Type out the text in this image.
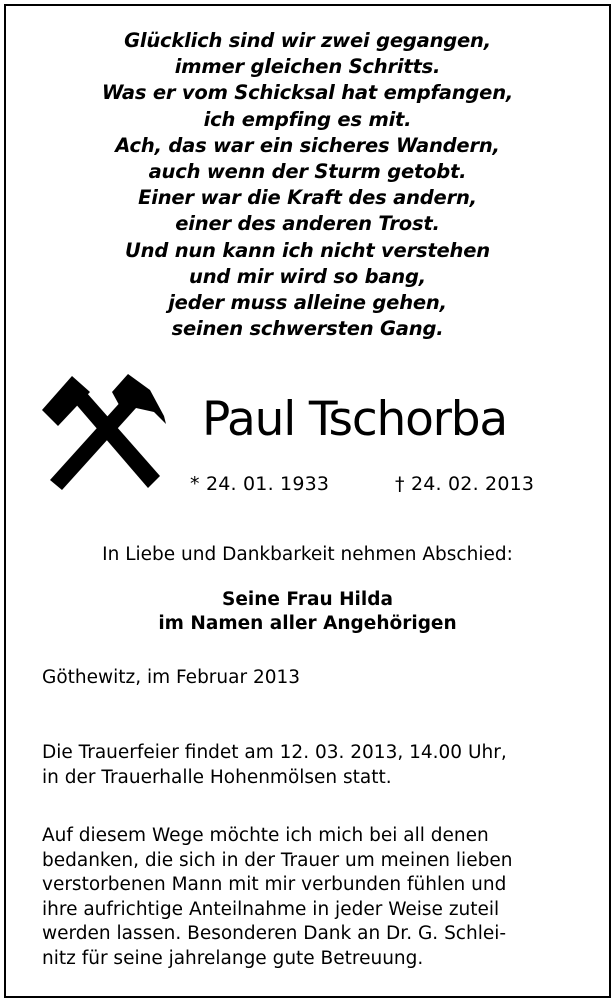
Glücklich sind wir zwei gegangen,
immer gleichen Schritts.
Was er vom Schicksal hat empfangen,
ich empfing es mit.
Ach, das war ein sicheres Wandern,
auch wenn der Sturm getobt.
Einer war die Kraft des andern,
einer des anderen Trost.
Und nun kann ich nicht verstehen
und mir wird so bang,
jeder muss alleine gehen,
seinen schwersten Gang.
Paul Tschorba
* 24. 01. 1933	† 24. 02. 2013
In Liebe und Dankbarkeit nehmen Abschied:
Seine Frau Hilda
im Namen aller Angehörigen
Göthewitz, im Februar 2013
Die Trauerfeier findet am 12. 03. 2013, 14.00 Uhr,
in der Trauerhalle Hohenmölsen statt.
Auf diesem Wege möchte ich mich bei all denen
bedanken, die sich in der Trauer um meinen lieben
verstorbenen Mann mit mir verbunden fühlen und
ihre aufrichtige Anteilnahme in jeder Weise zuteil
werden lassen. Besonderen Dank an Dr. G. Schlei-
nitz für seine jahrelange gute Betreuung.
